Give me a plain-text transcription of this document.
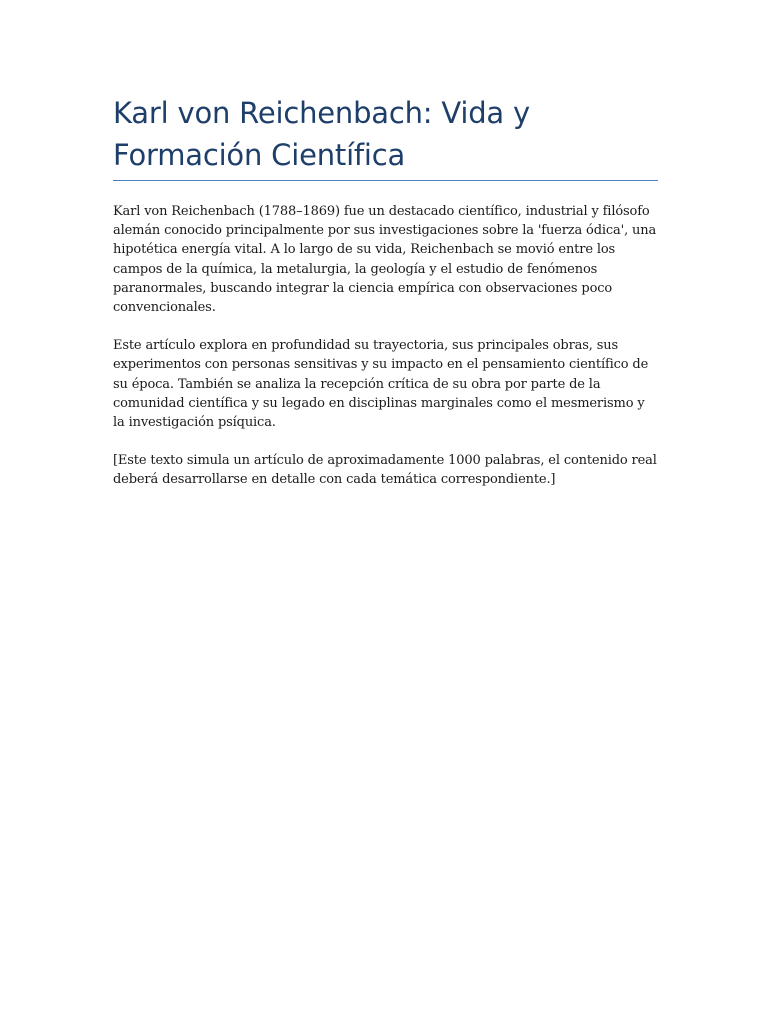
Karl von Reichenbach: Vida y Formación Científica

Karl von Reichenbach (1788–1869) fue un destacado científico, industrial y filósofo alemán conocido principalmente por sus investigaciones sobre la 'fuerza ódica', una hipotética energía vital. A lo largo de su vida, Reichenbach se movió entre los campos de la química, la metalurgia, la geología y el estudio de fenómenos paranormales, buscando integrar la ciencia empírica con observaciones poco convencionales.

Este artículo explora en profundidad su trayectoria, sus principales obras, sus experimentos con personas sensitivas y su impacto en el pensamiento científico de su época. También se analiza la recepción crítica de su obra por parte de la comunidad científica y su legado en disciplinas marginales como el mesmerismo y la investigación psíquica.

[Este texto simula un artículo de aproximadamente 1000 palabras, el contenido real deberá desarrollarse en detalle con cada temática correspondiente.]
